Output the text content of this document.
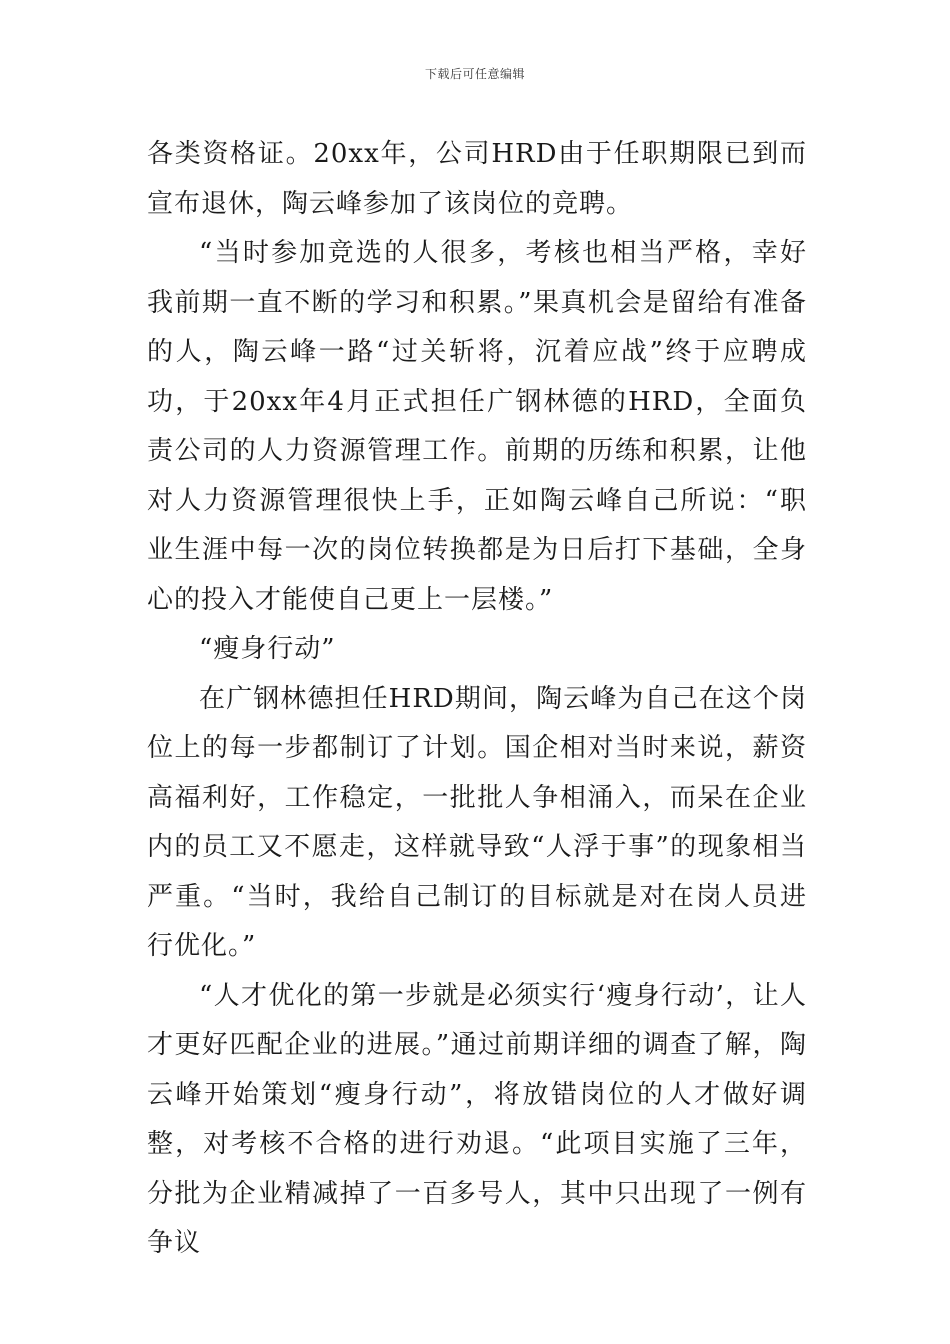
下载后可任意编辑

各类资格证。20xx年，公司HRD由于任职期限已到而宣布退休，陶云峰参加了该岗位的竞聘。

“当时参加竞选的人很多，考核也相当严格，幸好我前期一直不断的学习和积累。”果真机会是留给有准备的人，陶云峰一路“过关斩将，沉着应战”终于应聘成功，于20xx年4月正式担任广钢林德的HRD，全面负责公司的人力资源管理工作。前期的历练和积累，让他对人力资源管理很快上手，正如陶云峰自己所说：“职业生涯中每一次的岗位转换都是为日后打下基础，全身心的投入才能使自己更上一层楼。”

“瘦身行动”

在广钢林德担任HRD期间，陶云峰为自己在这个岗位上的每一步都制订了计划。国企相对当时来说，薪资高福利好，工作稳定，一批批人争相涌入，而呆在企业内的员工又不愿走，这样就导致“人浮于事”的现象相当严重。“当时，我给自己制订的目标就是对在岗人员进行优化。”

“人才优化的第一步就是必须实行‘瘦身行动’，让人才更好匹配企业的进展。”通过前期详细的调查了解，陶云峰开始策划“瘦身行动”，将放错岗位的人才做好调整，对考核不合格的进行劝退。“此项目实施了三年，分批为企业精减掉了一百多号人，其中只出现了一例有争议
